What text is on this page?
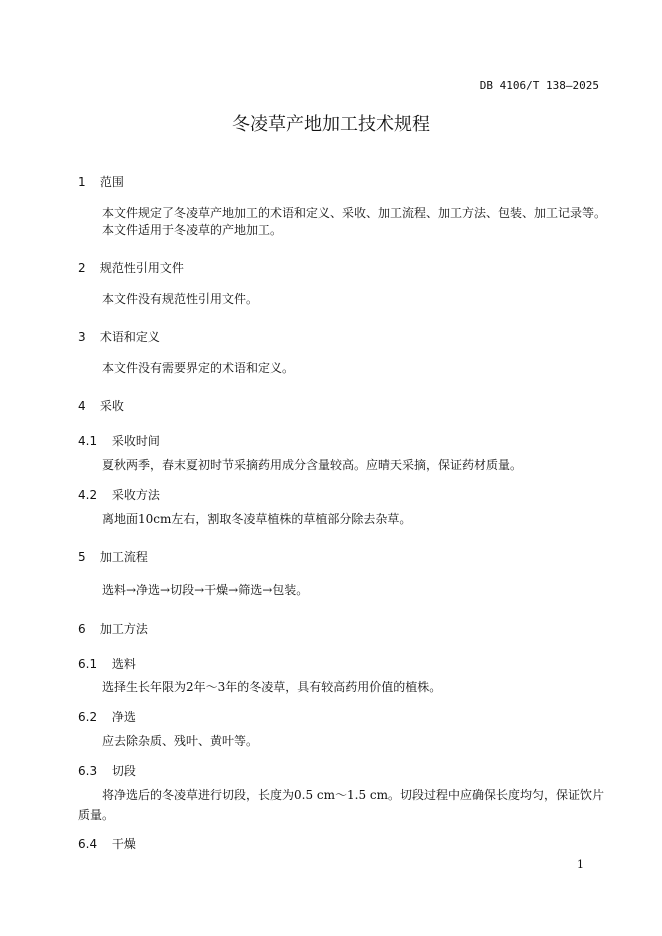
DB 4106/T 138—2025
冬凌草产地加工技术规程
1 范围
本文件规定了冬凌草产地加工的术语和定义、采收、加工流程、加工方法、包装、加工记录等。
本文件适用于冬凌草的产地加工。
2 规范性引用文件
本文件没有规范性引用文件。
3 术语和定义
本文件没有需要界定的术语和定义。
4 采收
4.1 采收时间
夏秋两季，春末夏初时节采摘药用成分含量较高。应晴天采摘，保证药材质量。
4.2 采收方法
离地面10cm左右，割取冬凌草植株的草植部分除去杂草。
5 加工流程
选料→净选→切段→干燥→筛选→包装。
6 加工方法
6.1 选料
选择生长年限为2年～3年的冬凌草，具有较高药用价值的植株。
6.2 净选
应去除杂质、残叶、黄叶等。
6.3 切段
将净选后的冬凌草进行切段，长度为0.5 cm～1.5 cm。切段过程中应确保长度均匀，保证饮片质量。
6.4 干燥
1
